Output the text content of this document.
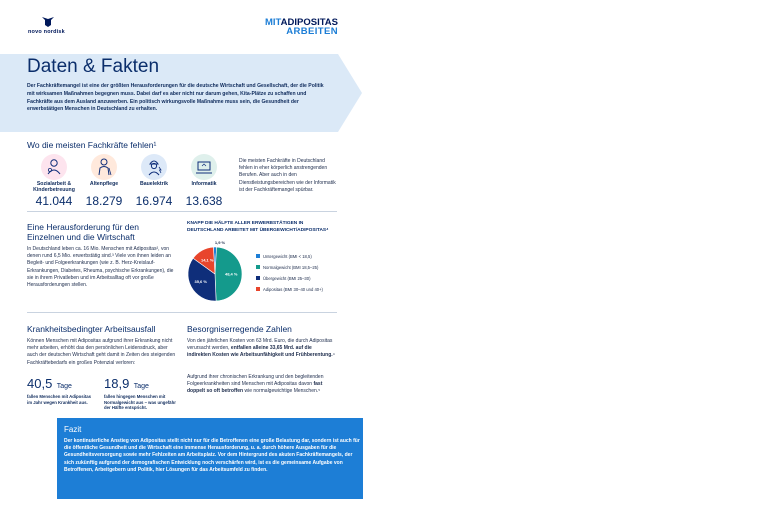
novo nordisk
MITADIPOSITAS
ARBEITEN
Daten & Fakten
Der Fachkräftemangel ist eine der größten Herausforderungen für die deutsche Wirtschaft und Gesellschaft, der die Politik mit wirksamen Maßnahmen begegnen muss. Dabei darf es aber nicht nur darum gehen, Kita-Plätze zu schaffen und Fachkräfte aus dem Ausland anzuwerben. Ein politisch wirkungsvolle Maßnahme muss sein, die Gesundheit der erwerbstätigen Menschen in Deutschland zu erhalten.
Wo die meisten Fachkräfte fehlen¹
Sozialarbeit & Kinderbetreuung
41.044
Altenpflege
18.279
Bauelektrik
16.974
Informatik
13.638
Die meisten Fachkräfte in Deutschland fehlen in eher körperlich anstrengenden Berufen. Aber auch in den Dienstleistungsbereichen wie der Informatik ist der Fachkräftemangel spürbar.
Eine Herausforderung für den
Einzelnen und die Wirtschaft
In Deutschland leben ca. 16 Mio. Menschen mit Adipositas², von denen rund 6,5 Mio. erwerbstätig sind.³ Viele von ihnen leiden an Begleit- und Folgeerkrankungen (wie z. B. Herz-Kreislauf-Erkrankungen, Diabetes, Rheuma, psychische Erkrankungen), die sie in ihrem Privatleben und im Arbeitsalltag oft vor große Herausforderungen stellen.
KNAPP DIE HÄLFTE ALLER ERWERBSTÄTIGEN IN
DEUTSCHLAND ARBEITET MIT ÜBERGEWICHT/ADIPOSITAS⁴
1,9 %
48,4 %
35,6 %
14,1 %
Untergewicht (BMI < 18,5)
Normalgewicht (BMI 18,5–25)
Übergewicht (BMI 25–30)
Adipositas (BMI 30–40 und 40+)
Krankheitsbedingter Arbeitsausfall
Können Menschen mit Adipositas aufgrund ihrer Erkrankung nicht mehr arbeiten, erhöht das den persönlichen Leidensdruck, aber auch der deutschen Wirtschaft geht damit in Zeiten des steigenden Fachkräftebedarfs ein großes Potenzial verloren:
40,5 Tage
fallen Menschen mit Adipositas im Jahr wegen Krankheit aus.
18,9 Tage
fallen hingegen Menschen mit Normalgewicht aus – was ungefähr der Hälfte entspricht.
Besorgniserregende Zahlen
Von den jährlichen Kosten von 63 Mrd. Euro, die durch Adipositas verursacht werden, entfallen alleine 33,65 Mrd. auf die indirekten Kosten wie Arbeitsunfähigkeit und Frühberentung.⁴
Aufgrund ihrer chronischen Erkrankung und den begleitenden Folgeerkrankheiten sind Menschen mit Adipositas davon fast doppelt so oft betroffen wie normalgewichtige Menschen.⁵
Fazit
Der kontinuierliche Anstieg von Adipositas stellt nicht nur für die Betroffenen eine große Belastung dar, sondern ist auch für die öffentliche Gesundheit und die Wirtschaft eine immense Herausforderung, u. a. durch höhere Ausgaben für die Gesundheitsversorgung sowie mehr Fehlzeiten am Arbeitsplatz. Vor dem Hintergrund des akuten Fachkräftemangels, der sich zukünftig aufgrund der demografischen Entwicklung noch verschärfen wird, ist es die gemeinsame Aufgabe von Betroffenen, Arbeitgebern und Politik, hier Lösungen für das Arbeitsumfeld zu finden.
